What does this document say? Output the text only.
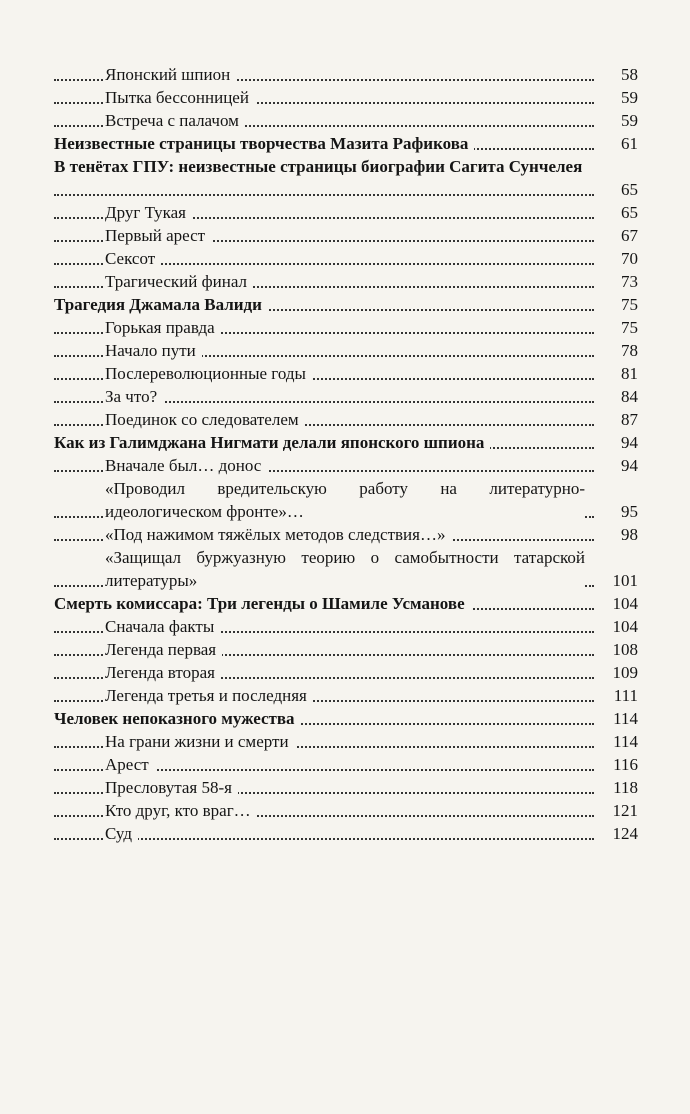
Японский шпион	58
Пытка бессонницей	59
Встреча с палачом	59
Неизвестные страницы творчества Мазита Рафикова	61
В тенётах ГПУ: неизвестные страницы биографии Сагита Сунчелея
65
Друг Тукая	65
Первый арест	67
Сексот	70
Трагический финал	73
Трагедия Джамала Валиди	75
Горькая правда	75
Начало пути	78
Послереволюционные годы	81
За что?	84
Поединок со следователем	87
Как из Галимджана Нигмати делали японского шпиона	94
Вначале был… донос	94
«Проводил вредительскую работу на литературно-идеологическом фронте»…	95
«Под нажимом тяжёлых методов следствия…»	98
«Защищал буржуазную теорию о самобытности татарской литературы»	101
Смерть комиссара: Три легенды о Шамиле Усманове	104
Сначала факты	104
Легенда первая	108
Легенда вторая	109
Легенда третья и последняя	111
Человек непоказного мужества	114
На грани жизни и смерти	114
Арест	116
Пресловутая 58-я	118
Кто друг, кто враг…	121
Суд	124
